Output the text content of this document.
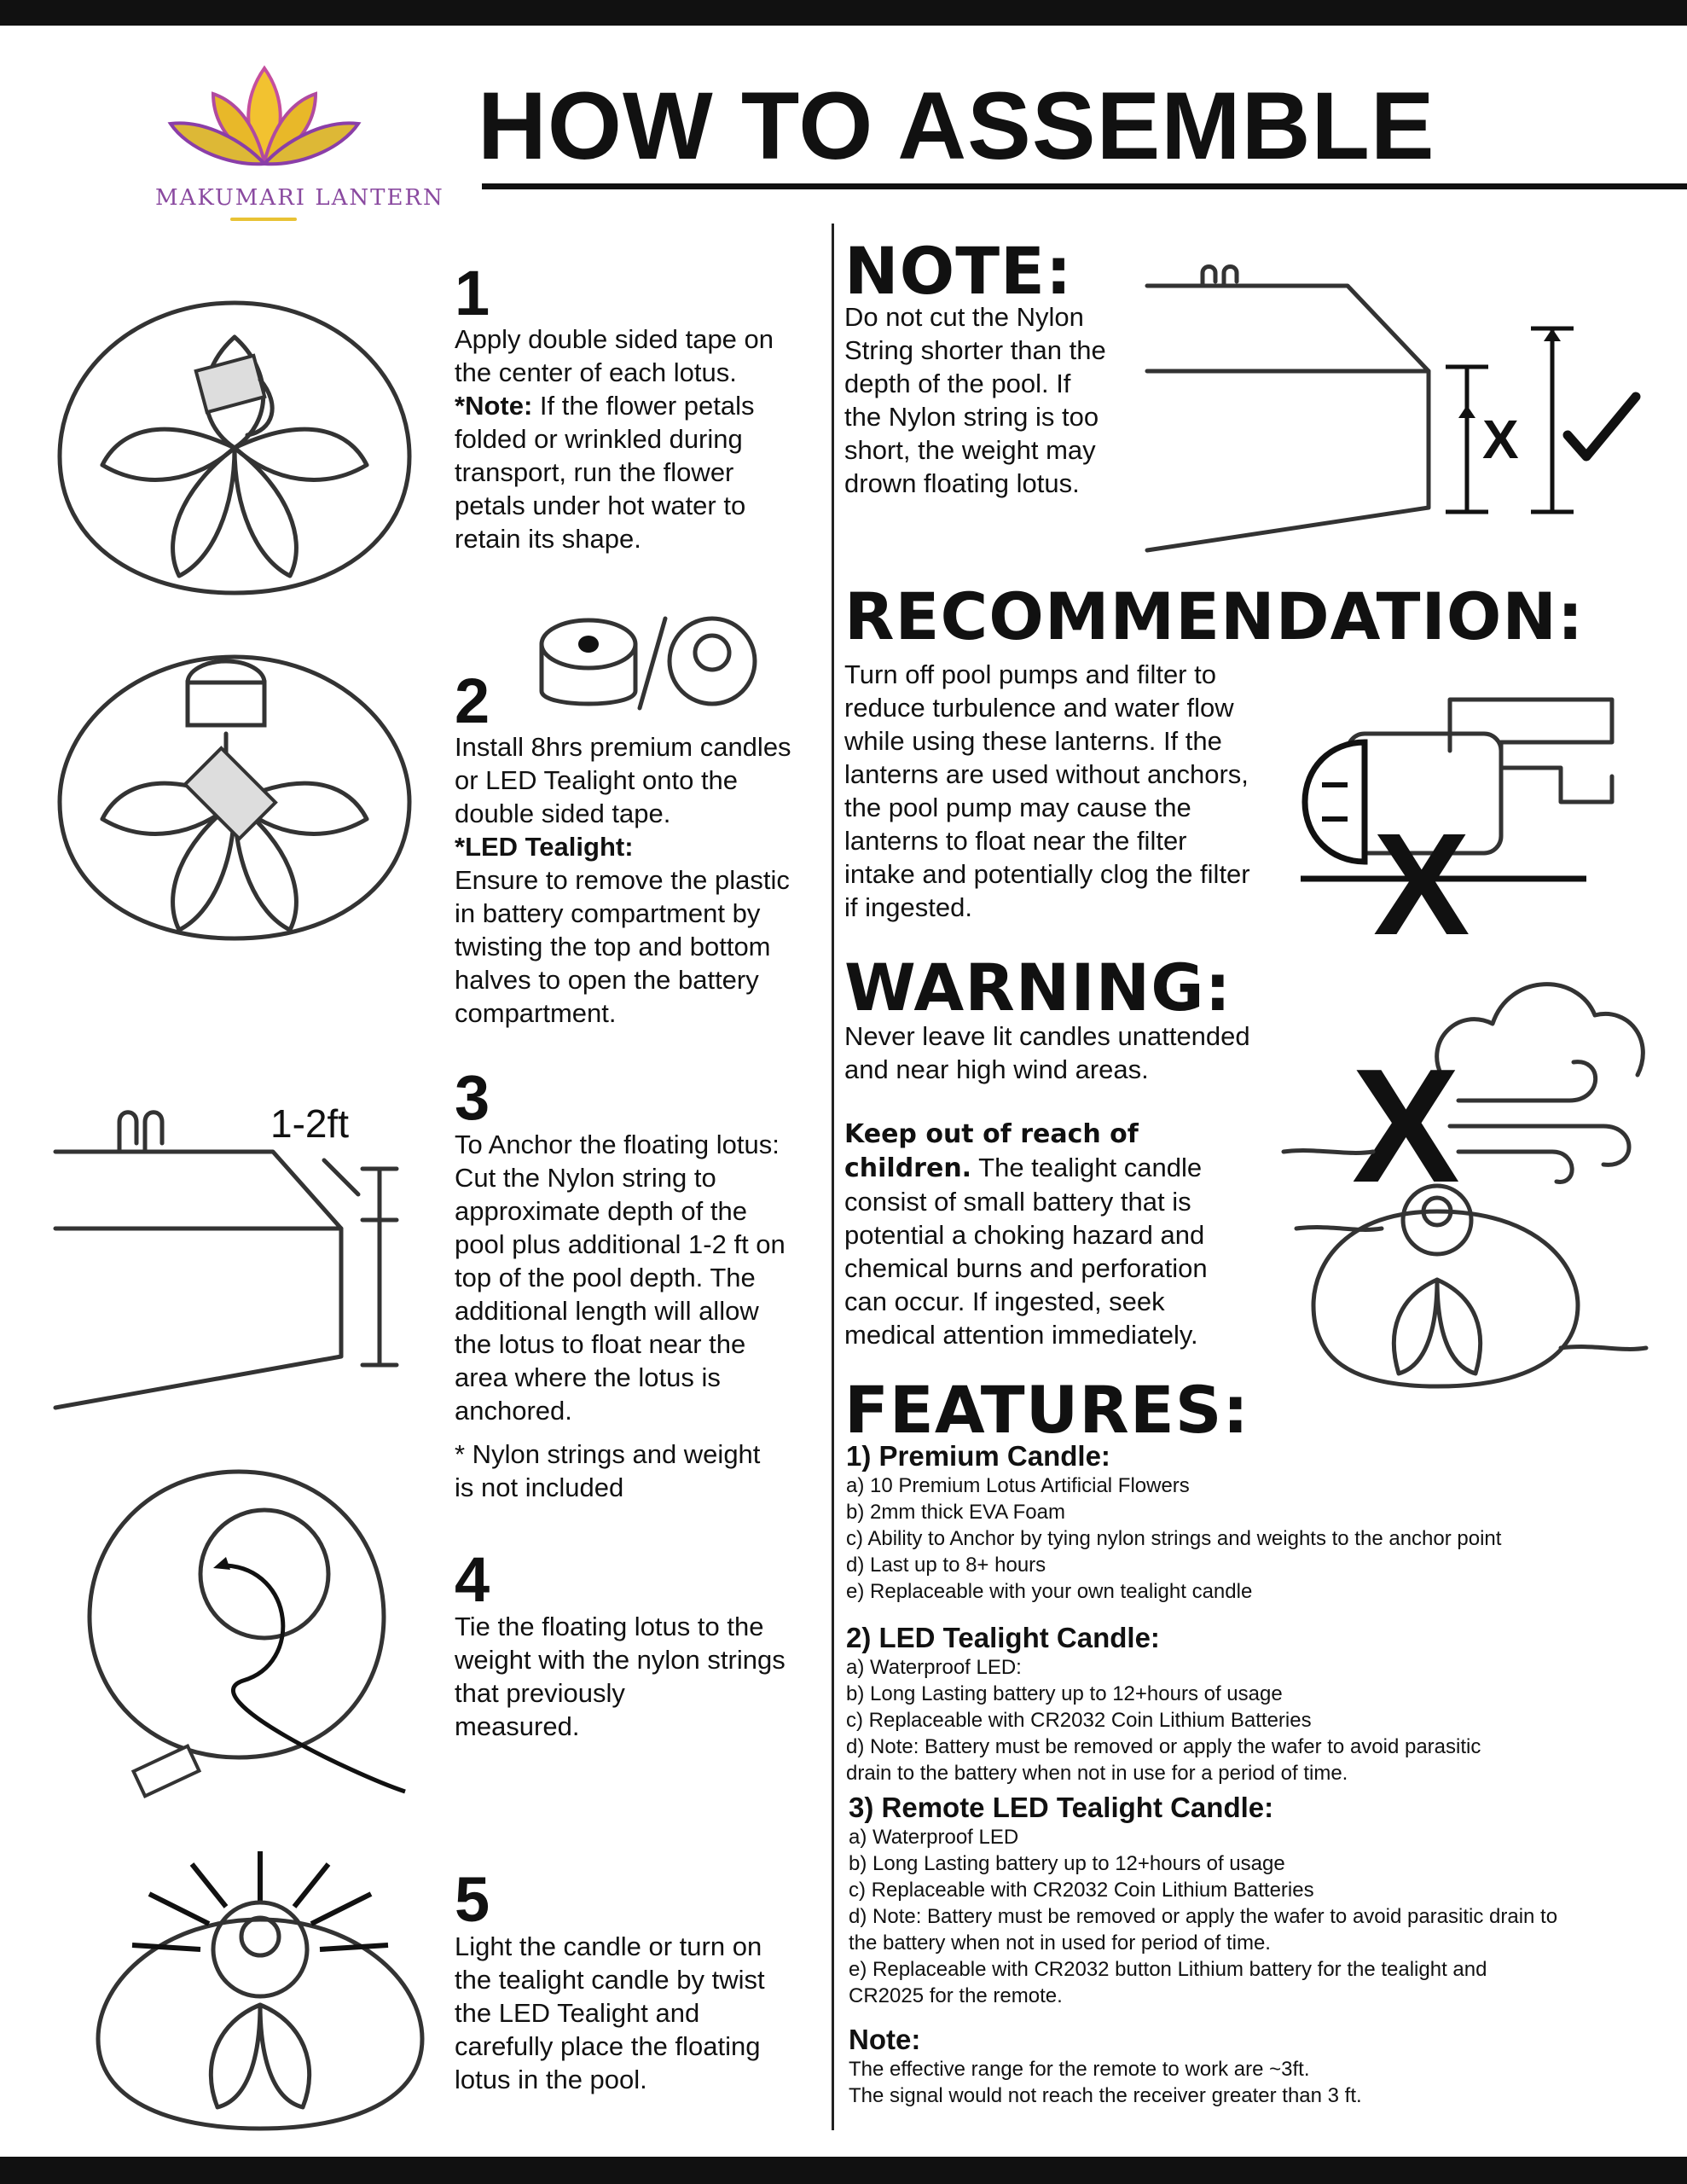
MAKUMARI LANTERN
HOW TO ASSEMBLE
1
Apply double sided tape on
the center of each lotus.
*Note: If the flower petals
folded or wrinkled during
transport, run the flower
petals under hot water to
retain its shape.
2
Install 8hrs premium candles
or LED Tealight onto the
double sided tape.
*LED Tealight:
Ensure to remove the plastic
in battery compartment by
twisting the top and bottom
halves to open the battery
compartment.
1-2ft 3
To Anchor the floating lotus:
Cut the Nylon string to
approximate depth of the
pool plus additional 1-2 ft on
top of the pool depth. The
additional length will allow
the lotus to float near the
area where the lotus is
anchored.
* Nylon strings and weight
is not included
4
Tie the floating lotus to the
weight with the nylon strings
that previously
measured.
5
Light the candle or turn on
the tealight candle by twist
the LED Tealight and
carefully place the floating
lotus in the pool.
NOTE:
Do not cut the Nylon
String shorter than the
depth of the pool. If
the Nylon string is too
short, the weight may
drown floating lotus.
X
RECOMMENDATION:
Turn off pool pumps and filter to
reduce turbulence and water flow
while using these lanterns. If the
lanterns are used without anchors,
the pool pump may cause the
lanterns to float near the filter
intake and potentially clog the filter
if ingested.	X
WARNING:
Never leave lit candles unattended
and near high wind areas.
Keep out of reach of
children. The tealight candle
consist of small battery that is
potential a choking hazard and
chemical burns and perforation
can occur. If ingested, seek
medical attention immediately.
X
FEATURES:
1) Premium Candle:
a) 10 Premium Lotus Artificial Flowers
b) 2mm thick EVA Foam
c) Ability to Anchor by tying nylon strings and weights to the anchor point
d) Last up to 8+ hours
e) Replaceable with your own tealight candle
2) LED Tealight Candle:
a) Waterproof LED:
b) Long Lasting battery up to 12+hours of usage
c) Replaceable with CR2032 Coin Lithium Batteries
d) Note: Battery must be removed or apply the wafer to avoid parasitic
drain to the battery when not in use for a period of time.
3) Remote LED Tealight Candle:
a) Waterproof LED
b) Long Lasting battery up to 12+hours of usage
c) Replaceable with CR2032 Coin Lithium Batteries
d) Note: Battery must be removed or apply the wafer to avoid parasitic drain to
the battery when not in used for period of time.
e) Replaceable with CR2032 button Lithium battery for the tealight and
CR2025 for the remote.
Note:
The effective range for the remote to work are ~3ft.
The signal would not reach the receiver greater than 3 ft.
